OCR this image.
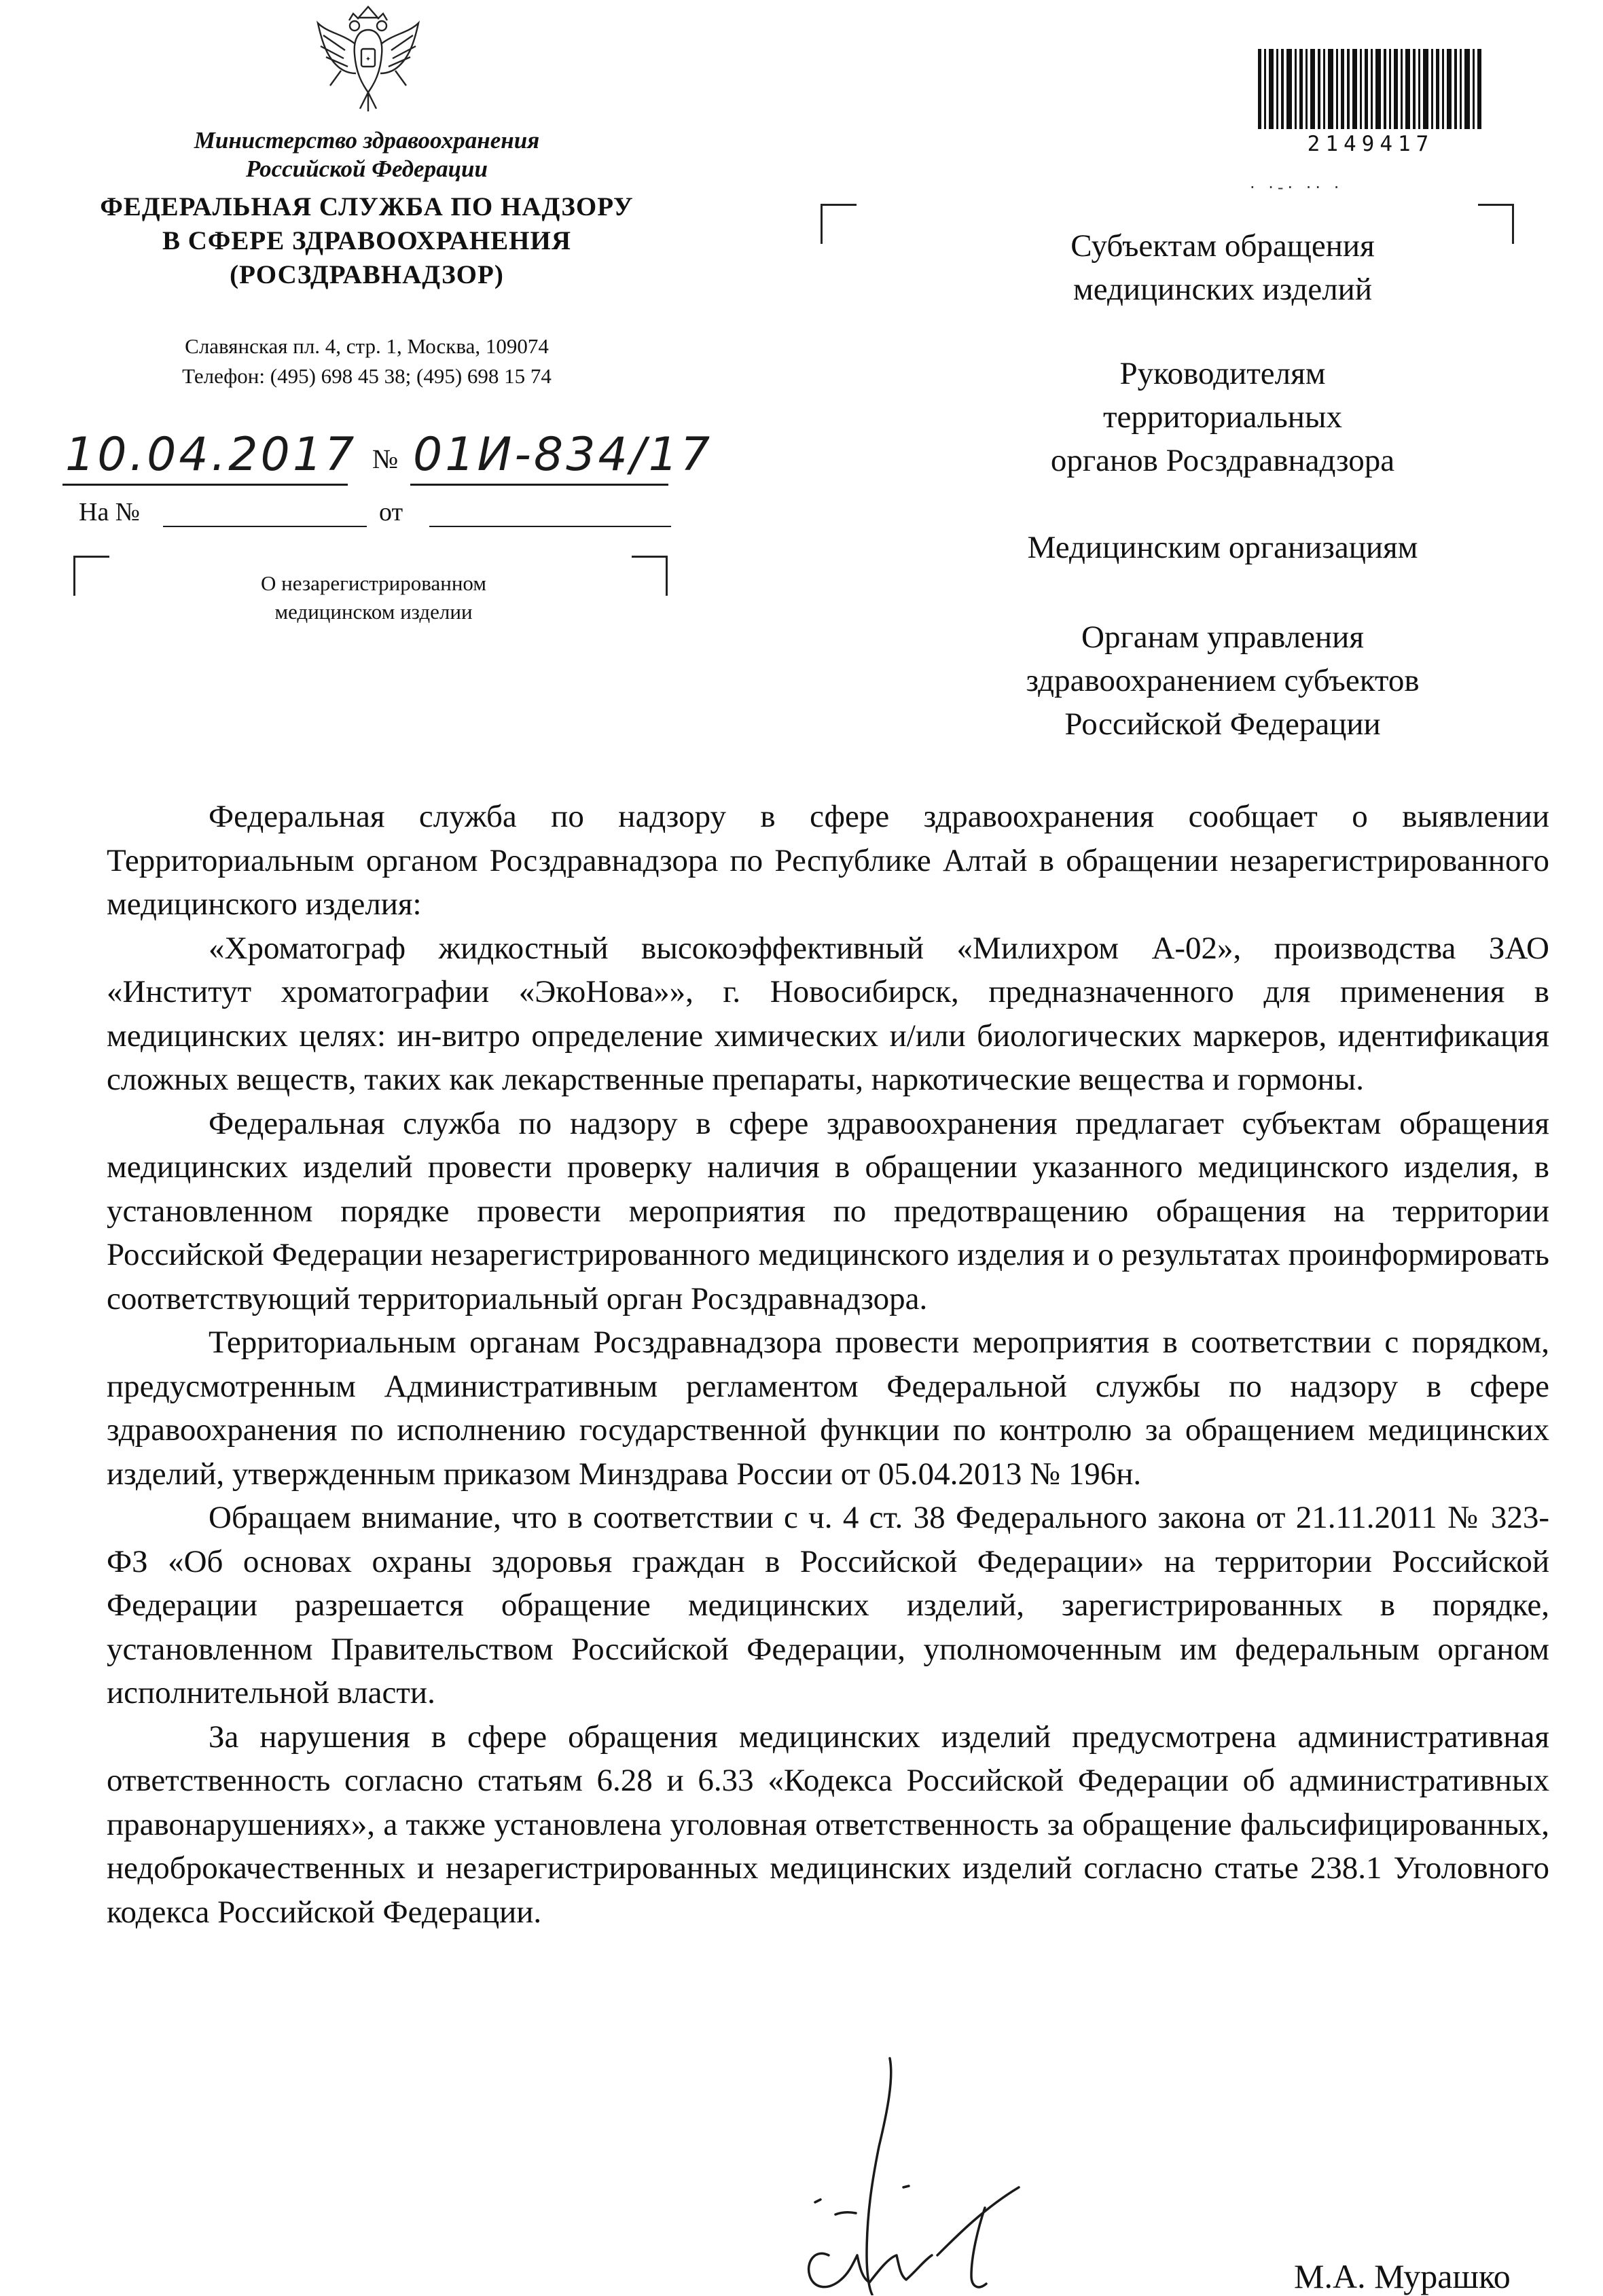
✦
Министерство здравоохранения
Российской Федерации
ФЕДЕРАЛЬНАЯ СЛУЖБА ПО НАДЗОРУ
В СФЕРЕ ЗДРАВООХРАНЕНИЯ
(РОСЗДРАВНАДЗОР)
Славянская пл. 4, стр. 1, Москва, 109074
Телефон: (495) 698 45 38; (495) 698 15 74
10.04.2017 № 01И-834/17
На №	от
О незарегистрированном
медицинском изделии
2149417
· ·‐· ·· ·
Субъектам обращения
медицинских изделий
Руководителям
территориальных
органов Росздравнадзора
Медицинским организациям
Органам управления
здравоохранением субъектов
Российской Федерации

Федеральная служба по надзору в сфере здравоохранения сообщает о выявлении Территориальным органом Росздравнадзора по Республике Алтай в обращении незарегистрированного медицинского изделия:

«Хроматограф жидкостный высокоэффективный «Милихром А-02», производства ЗАО «Институт хроматографии «ЭкоНова»», г. Новосибирск, предназначенного для применения в медицинских целях: ин-витро определение химических и/или биологических маркеров, идентификация сложных веществ, таких как лекарственные препараты, наркотические вещества и гормоны.

Федеральная служба по надзору в сфере здравоохранения предлагает субъектам обращения медицинских изделий провести проверку наличия в обращении указанного медицинского изделия, в установленном порядке провести мероприятия по предотвращению обращения на территории Российской Федерации незарегистрированного медицинского изделия и о результатах проинформировать соответствующий территориальный орган Росздравнадзора.

Территориальным органам Росздравнадзора провести мероприятия в соответствии с порядком, предусмотренным Административным регламентом Федеральной службы по надзору в сфере здравоохранения по исполнению государственной функции по контролю за обращением медицинских изделий, утвержденным приказом Минздрава России от 05.04.2013 № 196н.

Обращаем внимание, что в соответствии с ч. 4 ст. 38 Федерального закона от 21.11.2011 № 323-ФЗ «Об основах охраны здоровья граждан в Российской Федерации» на территории Российской Федерации разрешается обращение медицинских изделий, зарегистрированных в порядке, установленном Правительством Российской Федерации, уполномоченным им федеральным органом исполнительной власти.

За нарушения в сфере обращения медицинских изделий предусмотрена административная ответственность согласно статьям 6.28 и 6.33 «Кодекса Российской Федерации об административных правонарушениях», а также установлена уголовная ответственность за обращение фальсифицированных, недоброкачественных и незарегистрированных медицинских изделий согласно статье 238.1 Уголовного кодекса Российской Федерации.

М.А. Мурашко
